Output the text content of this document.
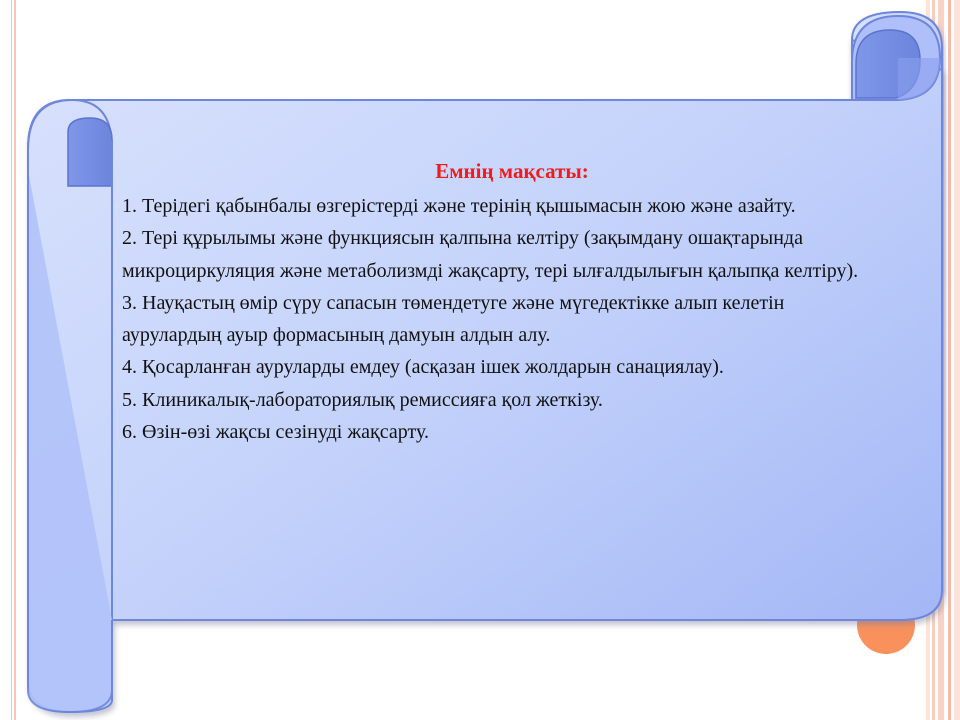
Емнің мақсаты:

1. Терідегі қабынбалы өзгерістерді және терінің қышымасын жою және азайту.

2. Тері құрылымы және функциясын қалпына келтіру (зақымдану ошақтарында микроциркуляция және метаболизмді жақсарту, тері ылғалдылығын қалыпқа келтіру).

3. Науқастың өмір сүру сапасын төмендетуге және мүгедектікке алып келетін аурулардың ауыр формасының дамуын алдын алу.

4. Қосарланған ауруларды емдеу (асқазан ішек жолдарын санациялау).

5. Клиникалық-лабораториялық ремиссияға қол жеткізу.

6. Өзін-өзі жақсы сезінуді жақсарту.
